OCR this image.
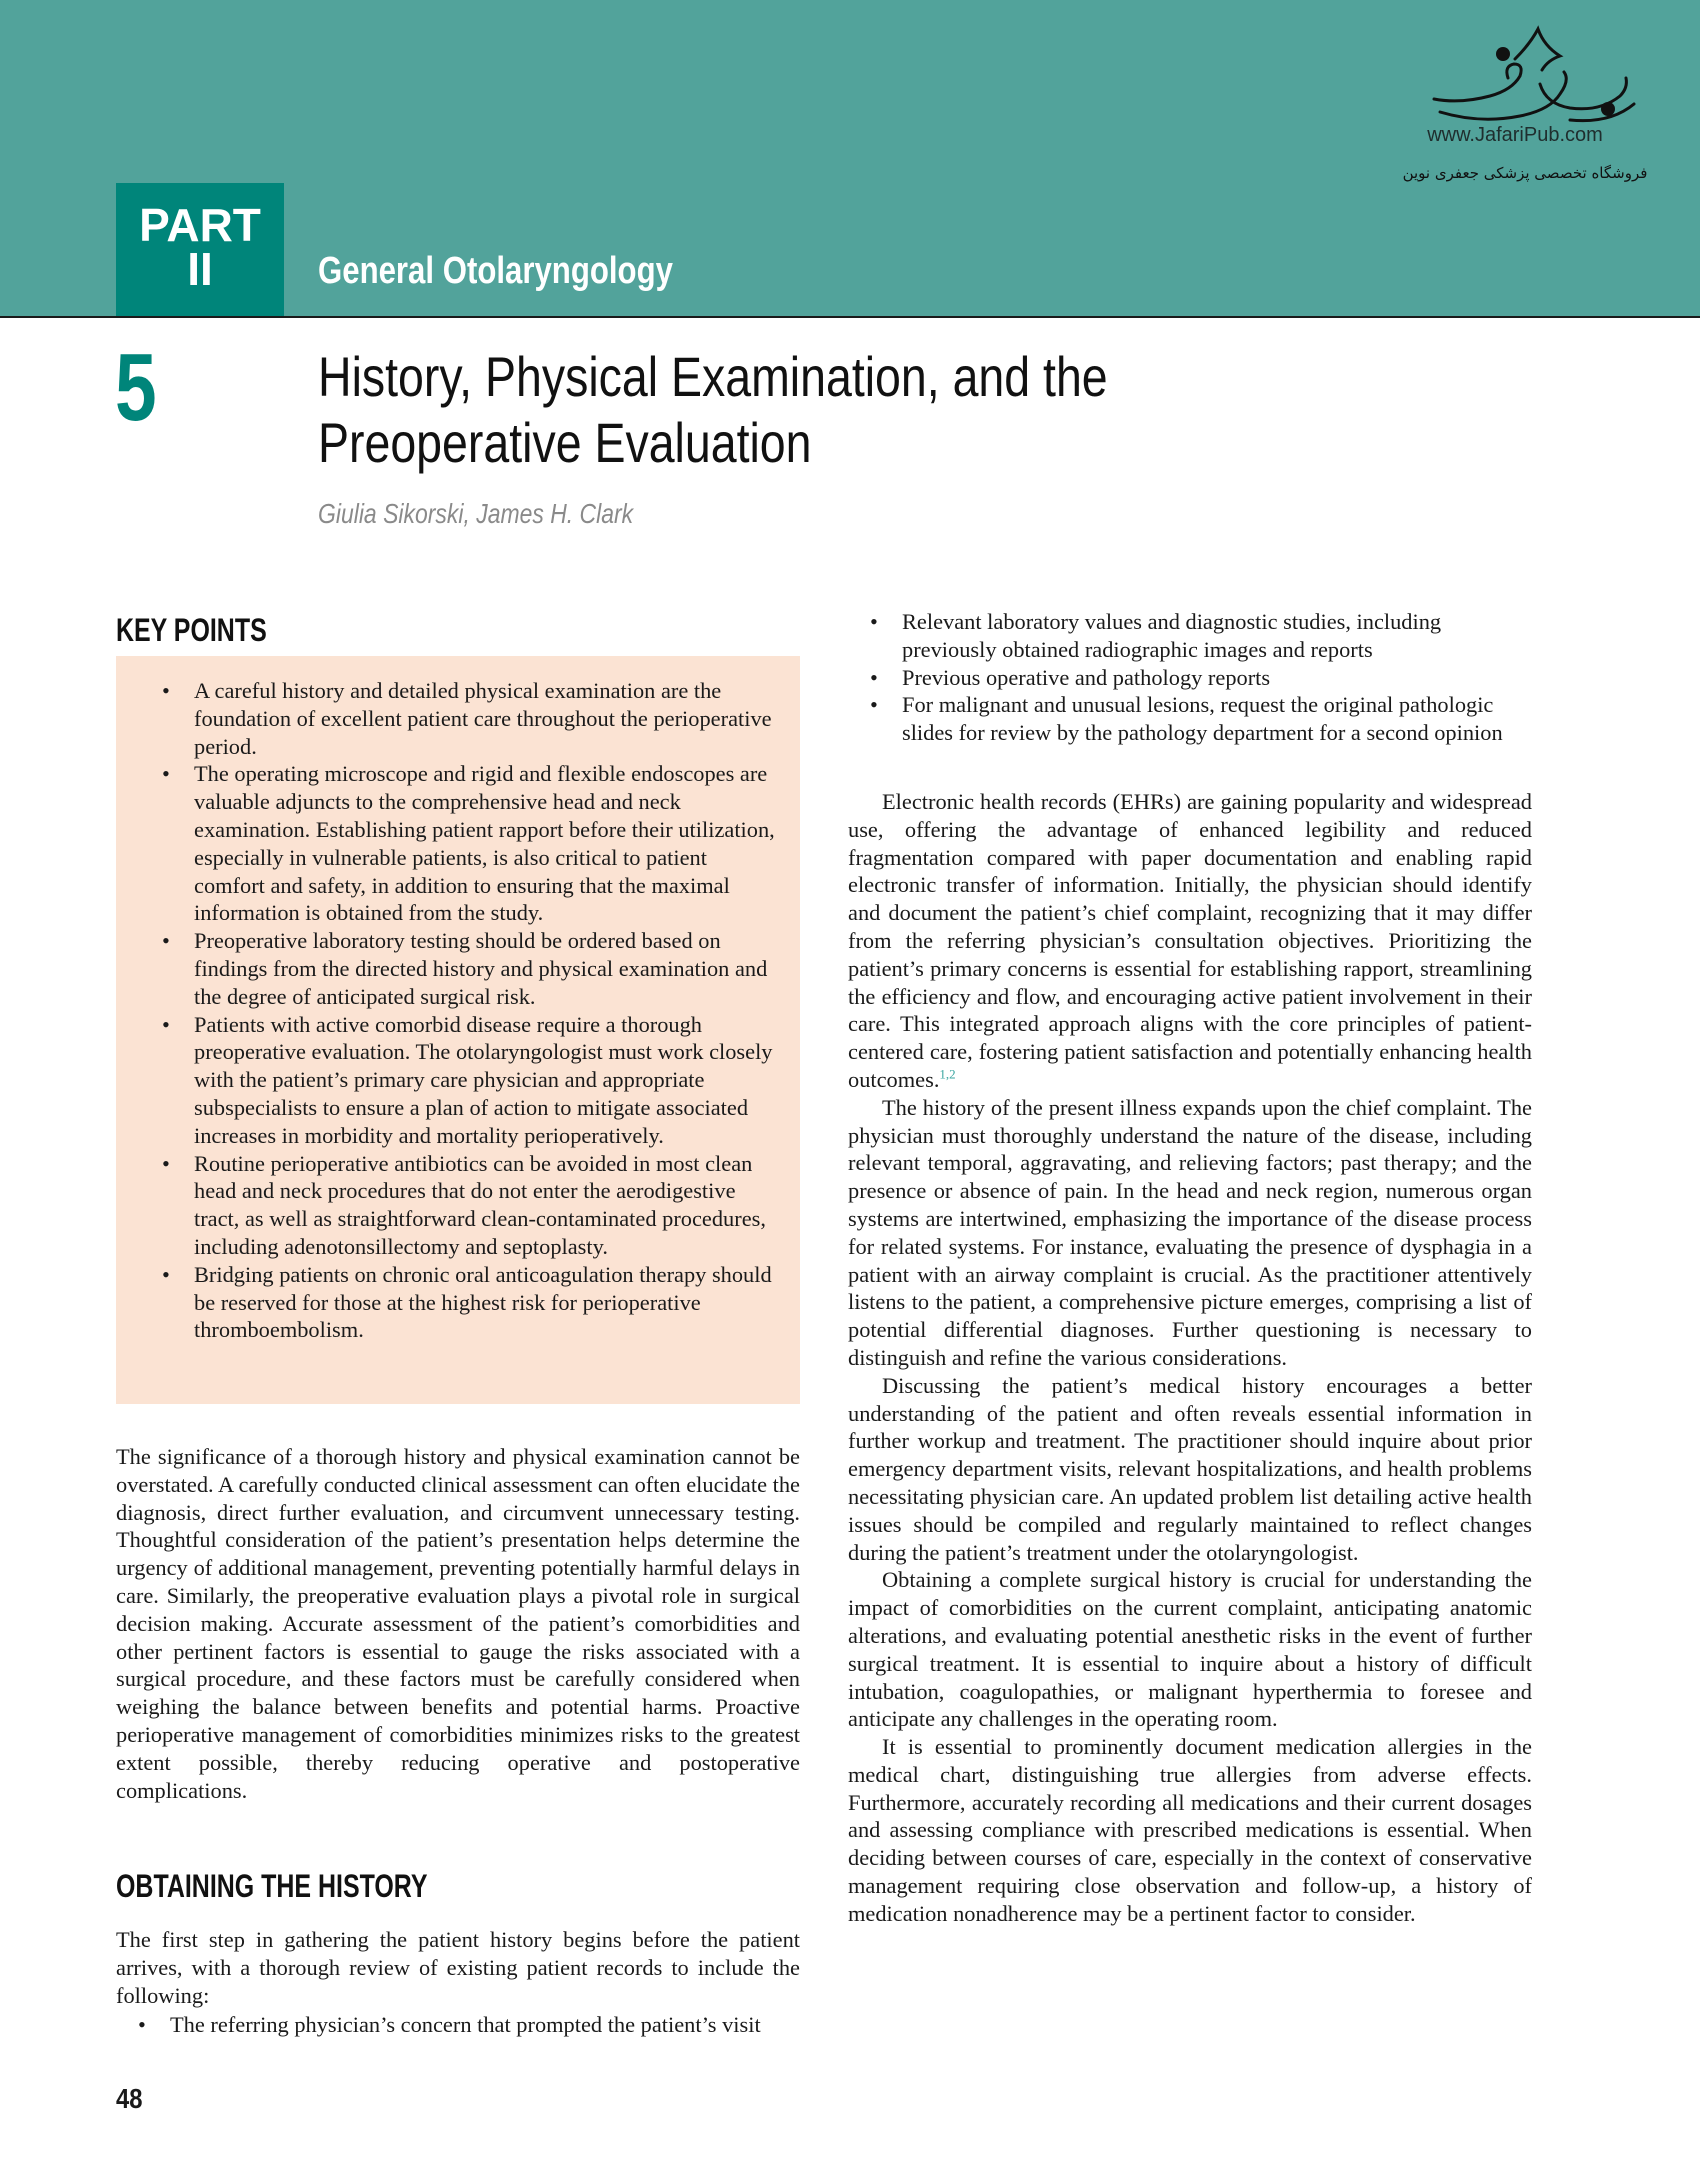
PART
II	General Otolaryngology
www.JafariPub.com
فروشگاه تخصصی پزشکی جعفری نوین
5	History, Physical Examination, and the Preoperative Evaluation
Giulia Sikorski, James H. Clark
KEY POINTS
• A careful history and detailed physical examination are the foundation of excellent patient care throughout the perioperative period.
• The operating microscope and rigid and flexible endoscopes are valuable adjuncts to the comprehensive head and neck examination. Establishing patient rapport before their utilization, especially in vulnerable patients, is also critical to patient comfort and safety, in addition to ensuring that the maximal information is obtained from the study.
• Preoperative laboratory testing should be ordered based on findings from the directed history and physical examination and the degree of anticipated surgical risk.
• Patients with active comorbid disease require a thorough preoperative evaluation. The otolaryngologist must work closely with the patient’s primary care physician and appropriate subspecialists to ensure a plan of action to mitigate associated increases in morbidity and mortality perioperatively.
• Routine perioperative antibiotics can be avoided in most clean head and neck procedures that do not enter the aerodigestive tract, as well as straightforward clean-contaminated procedures, including adenotonsillectomy and septoplasty.
• Bridging patients on chronic oral anticoagulation therapy should be reserved for those at the highest risk for perioperative thromboembolism.

The significance of a thorough history and physical examination cannot be overstated. A carefully conducted clinical assessment can often elucidate the diagnosis, direct further evaluation, and circumvent unnecessary testing. Thoughtful consideration of the patient’s presentation helps determine the urgency of additional management, preventing potentially harmful delays in care. Similarly, the preoperative evaluation plays a pivotal role in surgical decision making. Accurate assessment of the patient’s comorbidities and other pertinent factors is essential to gauge the risks associated with a surgical procedure, and these factors must be carefully considered when weighing the balance between benefits and potential harms. Proactive perioperative management of comorbidities minimizes risks to the greatest extent possible, thereby reducing operative and postoperative complications.

OBTAINING THE HISTORY

The first step in gathering the patient history begins before the patient arrives, with a thorough review of existing patient records to include the following:

• The referring physician’s concern that prompted the patient’s visit
• Relevant laboratory values and diagnostic studies, including previously obtained radiographic images and reports
• Previous operative and pathology reports
• For malignant and unusual lesions, request the original pathologic slides for review by the pathology department for a second opinion

Electronic health records (EHRs) are gaining popularity and widespread use, offering the advantage of enhanced legibility and reduced fragmentation compared with paper documentation and enabling rapid electronic transfer of information. Initially, the physician should identify and document the patient’s chief complaint, recognizing that it may differ from the referring physician’s consultation objectives. Prioritizing the patient’s primary concerns is essential for establishing rapport, streamlining the efficiency and flow, and encouraging active patient involvement in their care. This integrated approach aligns with the core principles of patient-centered care, fostering patient satisfaction and potentially enhancing health outcomes.$^{1,2}$

The history of the present illness expands upon the chief complaint. The physician must thoroughly understand the nature of the disease, including relevant temporal, aggravating, and relieving factors; past therapy; and the presence or absence of pain. In the head and neck region, numerous organ systems are intertwined, emphasizing the importance of the disease process for related systems. For instance, evaluating the presence of dysphagia in a patient with an airway complaint is crucial. As the practitioner attentively listens to the patient, a comprehensive picture emerges, comprising a list of potential differential diagnoses. Further questioning is necessary to distinguish and refine the various considerations.

Discussing the patient’s medical history encourages a better understanding of the patient and often reveals essential information in further workup and treatment. The practitioner should inquire about prior emergency department visits, relevant hospitalizations, and health problems necessitating physician care. An updated problem list detailing active health issues should be compiled and regularly maintained to reflect changes during the patient’s treatment under the otolaryngologist.

Obtaining a complete surgical history is crucial for understanding the impact of comorbidities on the current complaint, anticipating anatomic alterations, and evaluating potential anesthetic risks in the event of further surgical treatment. It is essential to inquire about a history of difficult intubation, coagulopathies, or malignant hyperthermia to foresee and anticipate any challenges in the operating room.

It is essential to prominently document medication allergies in the medical chart, distinguishing true allergies from adverse effects. Furthermore, accurately recording all medications and their current dosages and assessing compliance with prescribed medications is essential. When deciding between courses of care, especially in the context of conservative management requiring close observation and follow-up, a history of medication nonadherence may be a pertinent factor to consider.

48
